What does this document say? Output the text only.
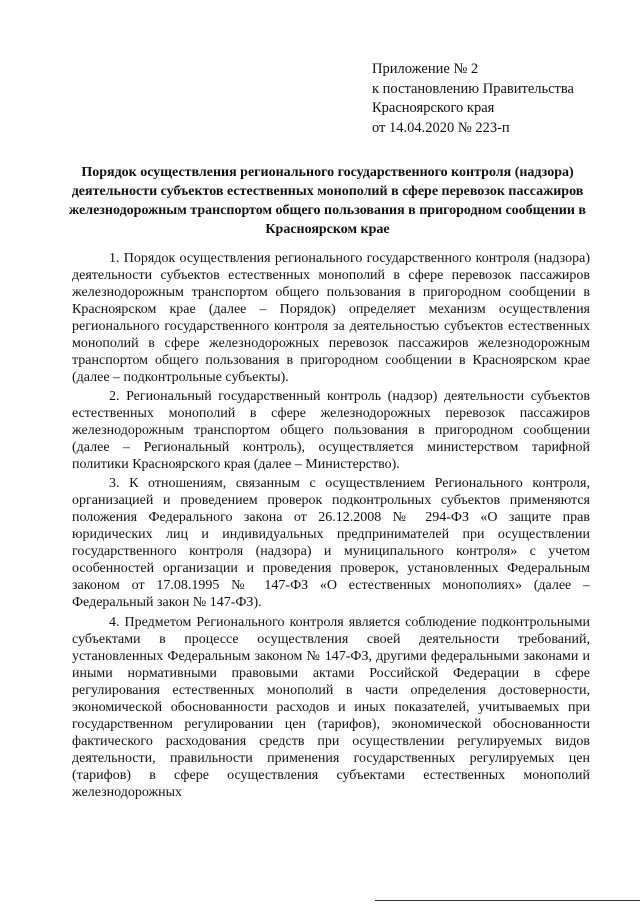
Приложение № 2
к постановлению Правительства
Красноярского края
от 14.04.2020 № 223-п
Порядок осуществления регионального государственного контроля (надзора) деятельности субъектов естественных монополий в сфере перевозок пассажиров железнодорожным транспортом общего пользования в пригородном сообщении в Красноярском крае

1. Порядок осуществления регионального государственного контроля (надзора) деятельности субъектов естественных монополий в сфере перевозок пассажиров железнодорожным транспортом общего пользования в пригородном сообщении в Красноярском крае (далее – Порядок) определяет механизм осуществления регионального государственного контроля за деятельностью субъектов естественных монополий в сфере железнодорожных перевозок пассажиров железнодорожным транспортом общего пользования в пригородном сообщении в Красноярском крае (далее – подконтрольные субъекты).

2. Региональный государственный контроль (надзор) деятельности субъектов естественных монополий в сфере железнодорожных перевозок пассажиров железнодорожным транспортом общего пользования в пригородном сообщении (далее – Региональный контроль), осуществляется министерством тарифной политики Красноярского края (далее – Министерство).

3. К отношениям, связанным с осуществлением Регионального контроля, организацией и проведением проверок подконтрольных субъектов применяются положения Федерального закона от 26.12.2008 № 294-ФЗ «О защите прав юридических лиц и индивидуальных предпринимателей при осуществлении государственного контроля (надзора) и муниципального контроля» с учетом особенностей организации и проведения проверок, установленных Федеральным законом от 17.08.1995 № 147-ФЗ «О естественных монополиях» (далее – Федеральный закон № 147-ФЗ).

4. Предметом Регионального контроля является соблюдение подконтрольными субъектами в процессе осуществления своей деятельности требований, установленных Федеральным законом № 147-ФЗ, другими федеральными законами и иными нормативными правовыми актами Российской Федерации в сфере регулирования естественных монополий в части определения достоверности, экономической обоснованности расходов и иных показателей, учитываемых при государственном регулировании цен (тарифов), экономической обоснованности фактического расходования средств при осуществлении регулируемых видов деятельности, правильности применения государственных регулируемых цен (тарифов) в сфере осуществления субъектами естественных монополий железнодорожных
